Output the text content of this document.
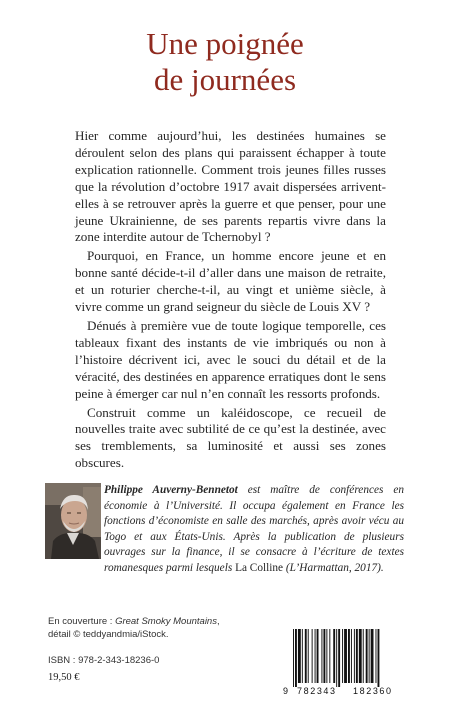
Une poignée
de journées

Hier comme aujourd’hui, les destinées humaines se déroulent selon des plans qui paraissent échapper à toute explication rationnelle. Comment trois jeunes filles russes que la révolution d’octobre 1917 avait dispersées arrivent-elles à se retrouver après la guerre et que penser, pour une jeune Ukrainienne, de ses parents repartis vivre dans la zone interdite autour de Tchernobyl ?

Pourquoi, en France, un homme encore jeune et en bonne santé décide-t-il d’aller dans une maison de retraite, et un roturier cherche-t-il, au vingt et unième siècle, à vivre comme un grand seigneur du siècle de Louis XV ?

Dénués à première vue de toute logique temporelle, ces tableaux fixant des instants de vie imbriqués ou non à l’histoire décrivent ici, avec le souci du détail et de la véracité, des destinées en apparence erratiques dont le sens peine à émerger car nul n’en connaît les ressorts profonds.

Construit comme un kaléidoscope, ce recueil de nouvelles traite avec subtilité de ce qu’est la destinée, avec ses tremblements, sa luminosité et aussi ses zones obscures.

Philippe Auverny-Bennetot est maître de conférences en économie à l’Université. Il occupa également en France les fonctions d’économiste en salle des marchés, après avoir vécu au Togo et aux États-Unis. Après la publication de plusieurs ouvrages sur la finance, il se consacre à l’écriture de textes romanesques parmi lesquels La Colline (L’Harmattan, 2017).
En couverture : Great Smoky Mountains,
détail © teddyandmia/iStock.
ISBN : 978-2-343-18236-0
19,50 €
9 782343 182360
